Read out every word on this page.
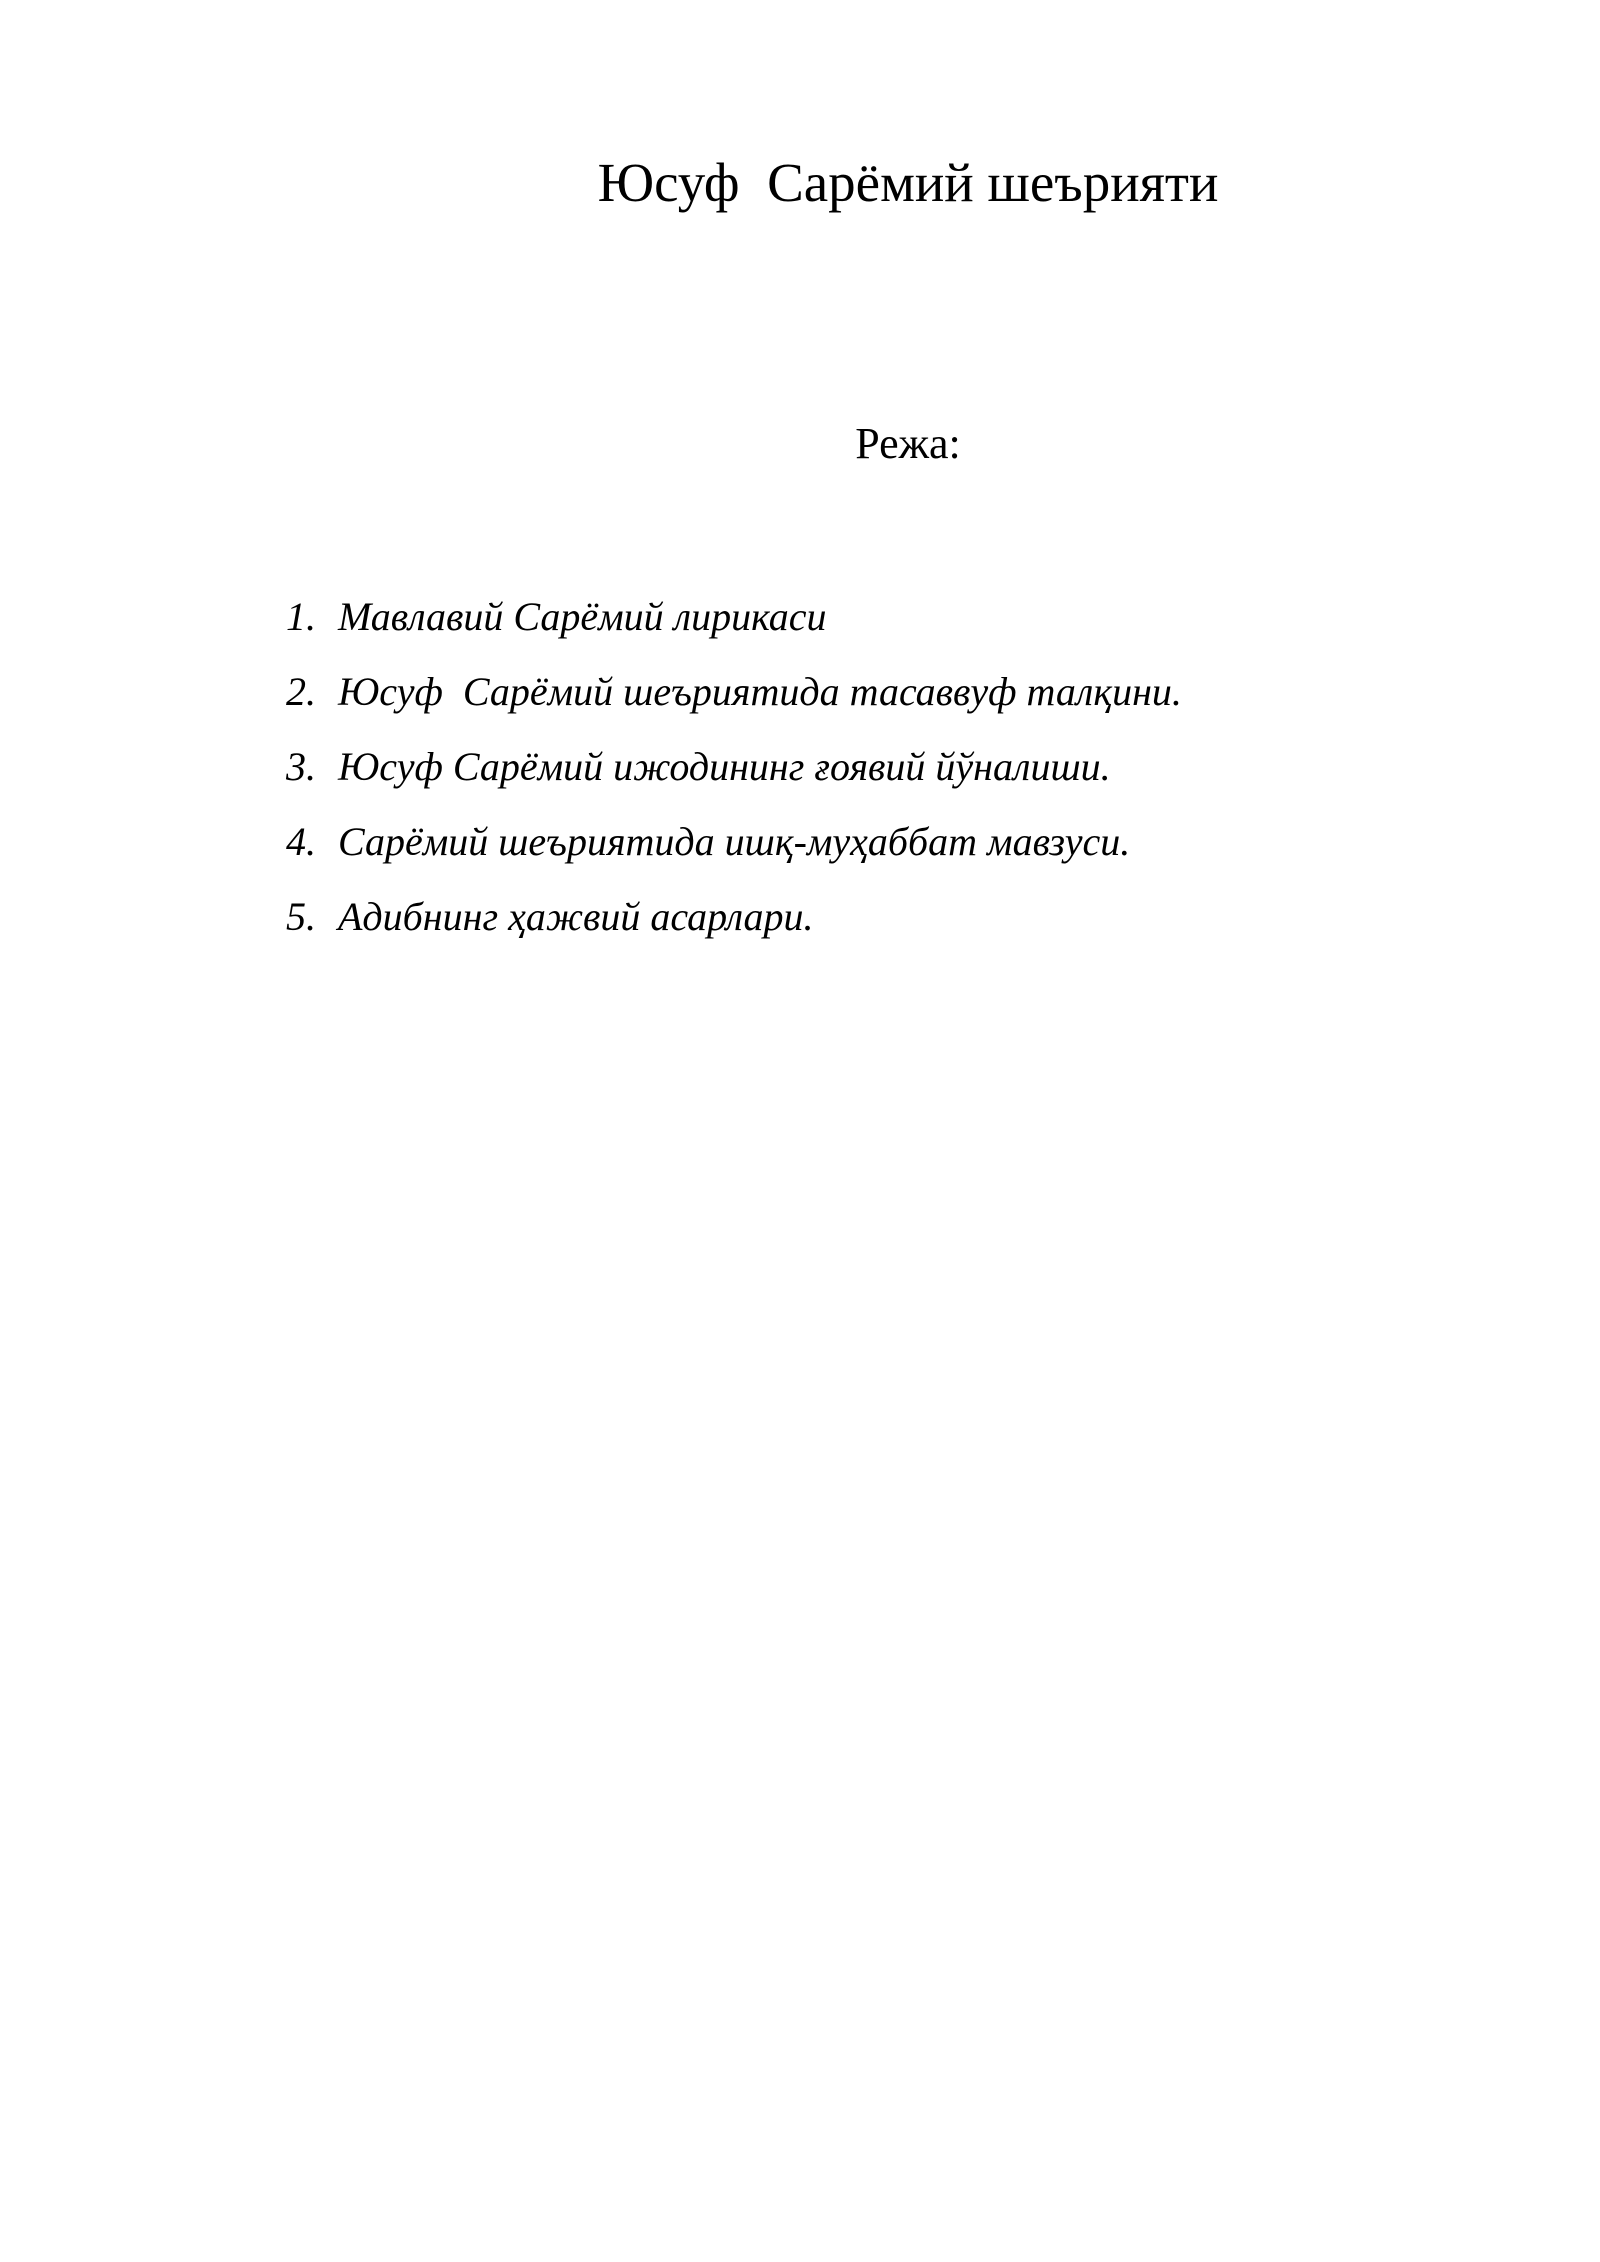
Юсуф  Сарёмий шеърияти
Режа:
1. Мавлавий Сарёмий лирикаси
2. Юсуф  Сарёмий шеъриятида тасаввуф талқини.
3. Юсуф Сарёмий ижодининг ғоявий йўналиши.
4. Сарёмий шеъриятида ишқ-муҳаббат мавзуси.
5. Адибнинг ҳажвий асарлари.
